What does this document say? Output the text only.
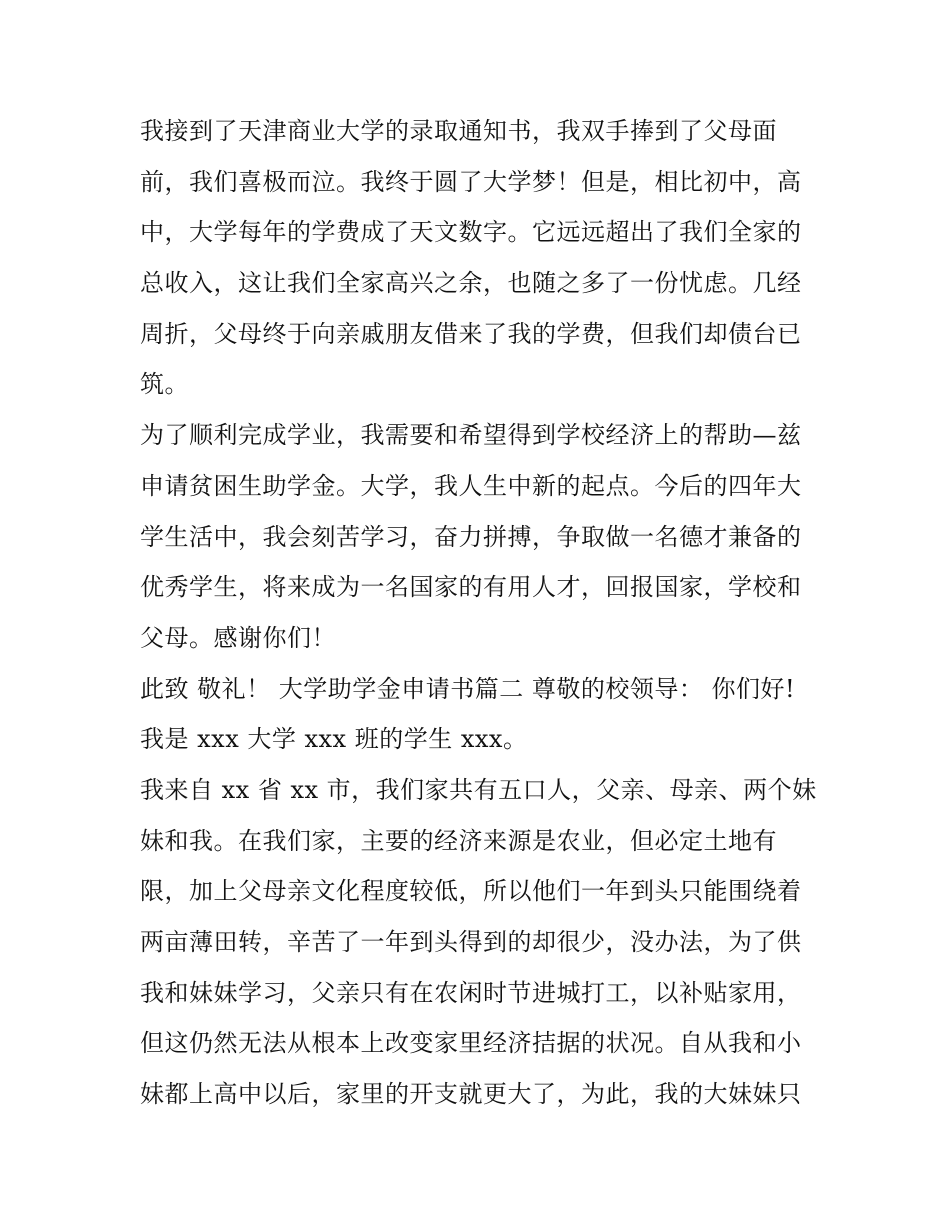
我接到了天津商业大学的录取通知书，我双手捧到了父母面
前，我们喜极而泣。我终于圆了大学梦！但是，相比初中，高
中，大学每年的学费成了天文数字。它远远超出了我们全家的
总收入，这让我们全家高兴之余，也随之多了一份忧虑。几经
周折，父母终于向亲戚朋友借来了我的学费，但我们却债台已
筑。
为了顺利完成学业，我需要和希望得到学校经济上的帮助—兹
申请贫困生助学金。大学，我人生中新的起点。今后的四年大
学生活中，我会刻苦学习，奋力拼搏，争取做一名德才兼备的
优秀学生，将来成为一名国家的有用人才，回报国家，学校和
父母。感谢你们！
此致 敬礼！ 大学助学金申请书篇二 尊敬的校领导： 你们好!
我是 xxx 大学 xxx 班的学生 xxx。
我来自 xx 省 xx 市，我们家共有五口人，父亲、母亲、两个妹
妹和我。在我们家，主要的经济来源是农业，但必定土地有
限，加上父母亲文化程度较低，所以他们一年到头只能围绕着
两亩薄田转，辛苦了一年到头得到的却很少，没办法，为了供
我和妹妹学习，父亲只有在农闲时节进城打工，以补贴家用，
但这仍然无法从根本上改变家里经济拮据的状况。自从我和小
妹都上高中以后，家里的开支就更大了，为此，我的大妹妹只
